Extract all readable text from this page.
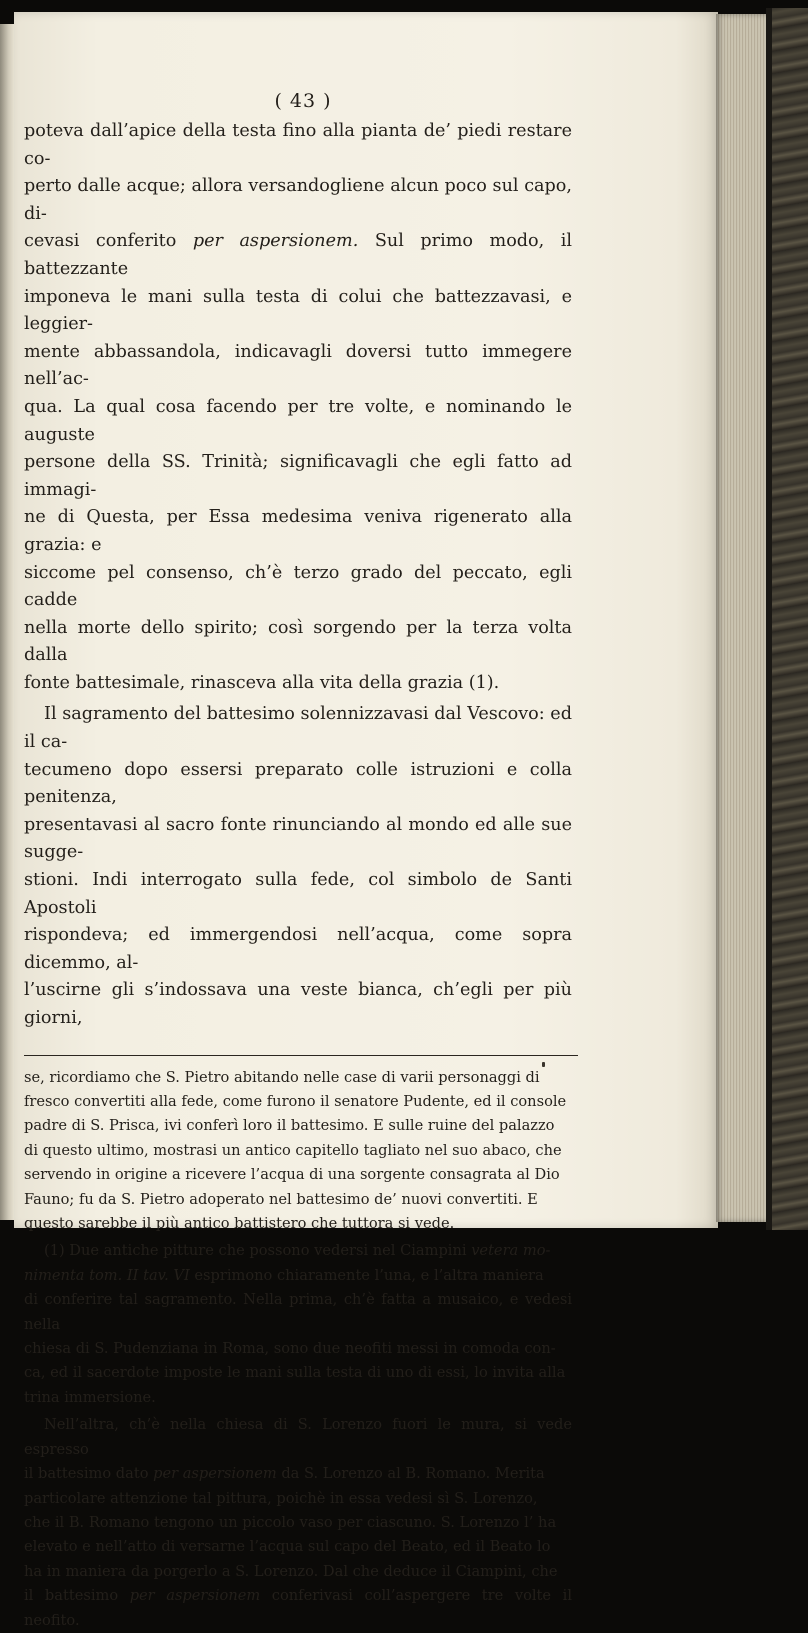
( 43 )

poteva dall’apice della testa fino alla pianta de’ piedi restare co-

perto dalle acque; allora versandogliene alcun poco sul capo, di-

cevasi conferito per aspersionem. Sul primo modo, il battezzante

imponeva le mani sulla testa di colui che battezzavasi, e leggier-

mente abbassandola, indicavagli doversi tutto immegere nell’ac-

qua. La qual cosa facendo per tre volte, e nominando le auguste

persone della SS. Trinità; significavagli che egli fatto ad immagi-

ne di Questa, per Essa medesima veniva rigenerato alla grazia: e

siccome pel consenso, ch’è terzo grado del peccato, egli cadde

nella morte dello spirito; così sorgendo per la terza volta dalla

fonte battesimale, rinasceva alla vita della grazia (1).

Il sagramento del battesimo solennizzavasi dal Vescovo: ed il ca-

tecumeno dopo essersi preparato colle istruzioni e colla penitenza,

presentavasi al sacro fonte rinunciando al mondo ed alle sue sugge-

stioni. Indi interrogato sulla fede, col simbolo de Santi Apostoli

rispondeva; ed immergendosi nell’acqua, come sopra dicemmo, al-

l’uscirne gli s’indossava una veste bianca, ch’egli per più giorni,

se, ricordiamo che S. Pietro abitando nelle case di varii personaggi di

fresco convertiti alla fede, come furono il senatore Pudente, ed il console

padre di S. Prisca, ivi conferì loro il battesimo. E sulle ruine del palazzo

di questo ultimo, mostrasi un antico capitello tagliato nel suo abaco, che

servendo in origine a ricevere l’acqua di una sorgente consagrata al Dio

Fauno; fu da S. Pietro adoperato nel battesimo de’ nuovi convertiti. E

questo sarebbe il più antico battistero che tuttora si vede.

(1) Due antiche pitture che possono vedersi nel Ciampini vetera mo-

nimenta tom. II tav. VI esprimono chiaramente l’una, e l’altra maniera

di conferire tal sagramento. Nella prima, ch’è fatta a musaico, e vedesi nella

chiesa di S. Pudenziana in Roma, sono due neofiti messi in comoda con-

ca, ed il sacerdote imposte le mani sulla testa di uno di essi, lo invita alla

trina immersione.

Nell’altra, ch’è nella chiesa di S. Lorenzo fuori le mura, si vede espresso

il battesimo dato per aspersionem da S. Lorenzo al B. Romano. Merita

particolare attenzione tal pittura, poichè in essa vedesi sì S. Lorenzo,

che il B. Romano tengono un piccolo vaso per ciascuno. S. Lorenzo l’ ha

elevato e nell’atto di versarne l’acqua sul capo del Beato, ed il Beato lo

ha in maniera da porgerlo a S. Lorenzo. Dal che deduce il Ciampini, che

il battesimo per aspersionem conferivasi coll’aspergere tre volte il neofito.
